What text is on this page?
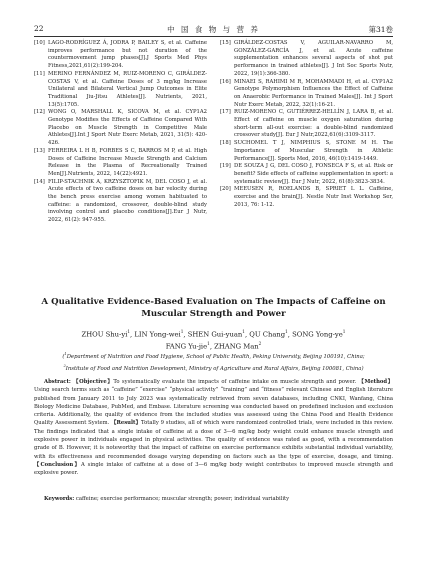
22	中 国 食 物 与 营 养	第31卷
[10] LAGO-RODRÍGUEZ Á, JODRA P, BAILEY S, et al. Caffeine improves performance but not duration of the countermovement jump phases[J].J Sports Med Phys Fitness,2021,61(2):199-204.
[11] MERINO FERNÁNDEZ M, RUIZ-MORENO C, GIRÁLDEZ-COSTAS V, et al. Caffeine Doses of 3 mg/kg Increase Unilateral and Bilateral Vertical Jump Outcomes in Elite Traditional Jiu-Jitsu Athletes[J]. Nutrients, 2021, 13(5):1705.
[12] WONG O, MARSHALL K, SICOVA M, et al. CYP1A2 Genotype Modifies the Effects of Caffeine Compared With Placebo on Muscle Strength in Competitive Male Athletes[J].Int J Sport Nutr Exerc Metab, 2021, 31(5): 420-426.
[13] FERREIRA L H B, FORBES S C, BARROS M P, et al. High Doses of Caffeine Increase Muscle Strength and Calcium Release in the Plasma of Recreationally Trained Men[J].Nutrients, 2022, 14(22):4921.
[14] FILIP-STACHNIK A, KRZYSZTOFIK M, DEL COSO J, et al. Acute effects of two caffeine doses on bar velocity during the bench press exercise among women habituated to caffeine: a randomized, crossover, double-blind study involving control and placebo conditions[J].Eur J Nutr, 2022, 61(2): 947-955.
[15] GIRÁLDEZ-COSTAS V, AGUILAR-NAVARRO M, GONZÁLEZ-GARCÍA J, et al. Acute caffeine supplementation enhances several aspects of shot put performance in trained athletes[J]. J Int Soc Sports Nutr, 2022, 19(1):366-380.
[16] MINAEI S, RAHIMI M R, MOHAMMADI H, et al. CYP1A2 Genotype Polymorphism Influences the Effect of Caffeine on Anaerobic Performance in Trained Males[J]. Int J Sport Nutr Exerc Metab, 2022, 32(1):16-21.
[17] RUIZ-MORENO C, GUTIÉRREZ-HELLÍN J, LARA B, et al. Effect of caffeine on muscle oxygen saturation during short-term all-out exercise: a double-blind randomized crossover study[J]. Eur J Nutr,2022,61(6):3109-3117.
[18] SUCHOMEL T J, NIMPHIUS S, STONE M H. The Importance of Muscular Strength in Athletic Performance[J]. Sports Med, 2016, 46(10):1419-1449.
[19] DE SOUZA J G, DEL COSO J, FONSECA F S, et al. Risk or benefit? Side effects of caffeine supplementation in sport: a systematic review[J]. Eur J Nutr, 2022, 61(8):3823-3834.
[20] MEEUSEN R, ROELANDS B, SPRIET L L. Caffeine, exercise and the brain[J]. Nestle Nutr Inst Workshop Ser, 2013, 76: 1-12.
A Qualitative Evidence-Based Evaluation on The Impacts of Caffeine on
Muscular Strength and Power
ZHOU Shu-$yi^1$, LIN Yong-wei$^1$, SHEN Gui-yuan$^1$, QU Chang$^1$, SONG Yong-$ye^1$
FANG Yu-jie$^1$, ZHANG Man$^2$
($^1$Department of Nutrition and Food Hygiene, School of Public Health, Peking University, Beijing 100191, China;
$^2$Institute of Food and Nutrition Development, Ministry of Agriculture and Rural Affairs, Beijing 100081, China)
Abstract: 【Objective】To systematically evaluate the impacts of caffeine intake on muscle strength and power. 【Method】Using search terms such as “caffeine” “exercise” “physical activity” “training” and “fitness” relevant Chinese and English literature published from January 2011 to July 2023 was systematically retrieved from seven databases, including CNKI, Wanfang, China Biology Medicine Database, PubMed, and Embase. Literature screening was conducted based on predefined inclusion and exclusion criteria. Additionally, the quality of evidence from the included studies was assessed using the China Food and Health Evidence Quality Assessment System. 【Result】Totally 9 studies, all of which were randomized controlled trials, were included in this review. The findings indicated that a single intake of caffeine at a dose of 3—6 mg/kg body weight could enhance muscle strength and explosive power in individuals engaged in physical activities. The quality of evidence was rated as good, with a recommendation grade of B. However, it is noteworthy that the impact of caffeine on exercise performance exhibits substantial individual variability, with its effectiveness and recommended dosage varying depending on factors such as the type of exercise, dosage, and timing. 【Conclusion】A single intake of caffeine at a dose of 3—6 mg/kg body weight contributes to improved muscle strength and explosive power.
Keywords: caffeine; exercise performance; muscular strength; power; individual variability
